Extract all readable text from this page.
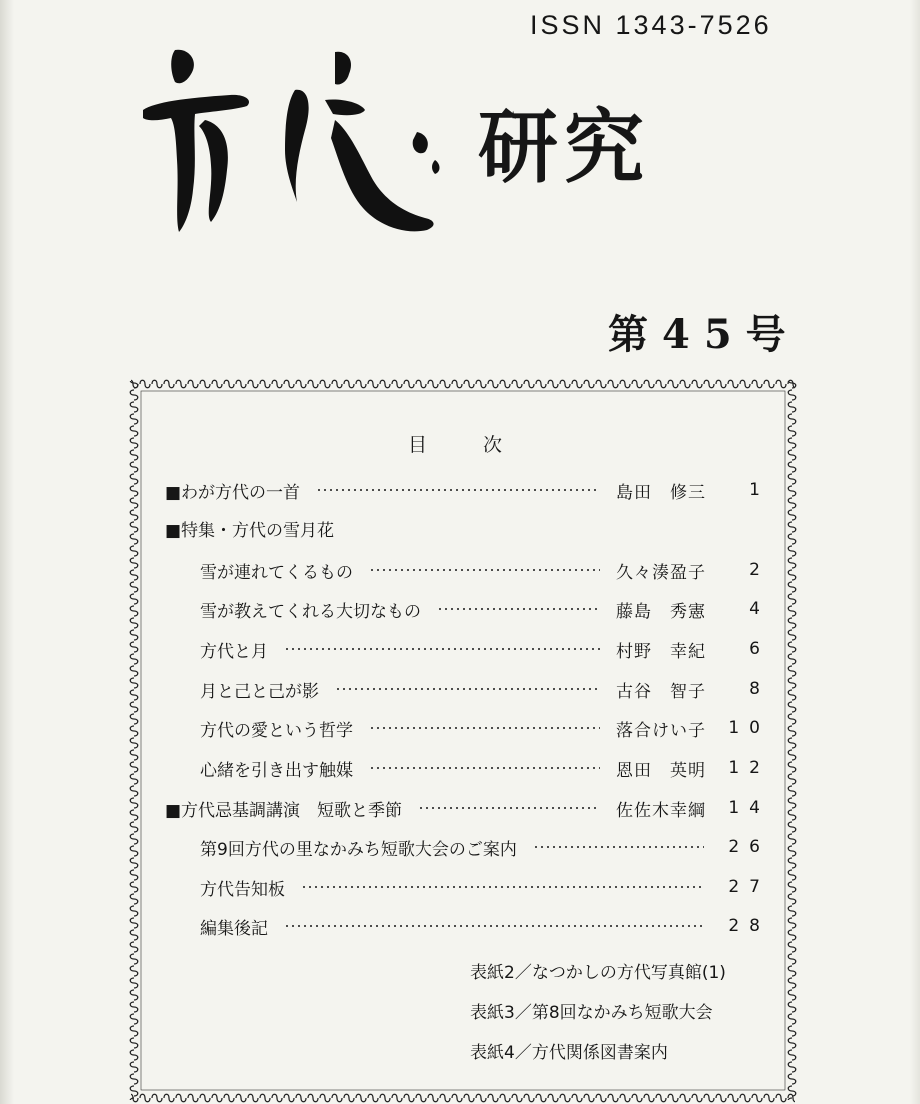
ISSN 1343-7526
研究
第45号
目次
■わが方代の一首	島田　修三	1
■特集・方代の雪月花
雪が連れてくるもの	久々湊盈子	2
雪が教えてくれる大切なもの	藤島　秀憲	4
方代と月	村野　幸紀	6
月と己と己が影	古谷　智子	8
方代の愛という哲学	落合けい子	10
心緒を引き出す触媒	恩田　英明	12
■方代忌基調講演　短歌と季節	佐佐木幸綱	14
第9回方代の里なかみち短歌大会のご案内	26
方代告知板	27
編集後記	28
表紙2／なつかしの方代写真館(1)
表紙3／第8回なかみち短歌大会
表紙4／方代関係図書案内
